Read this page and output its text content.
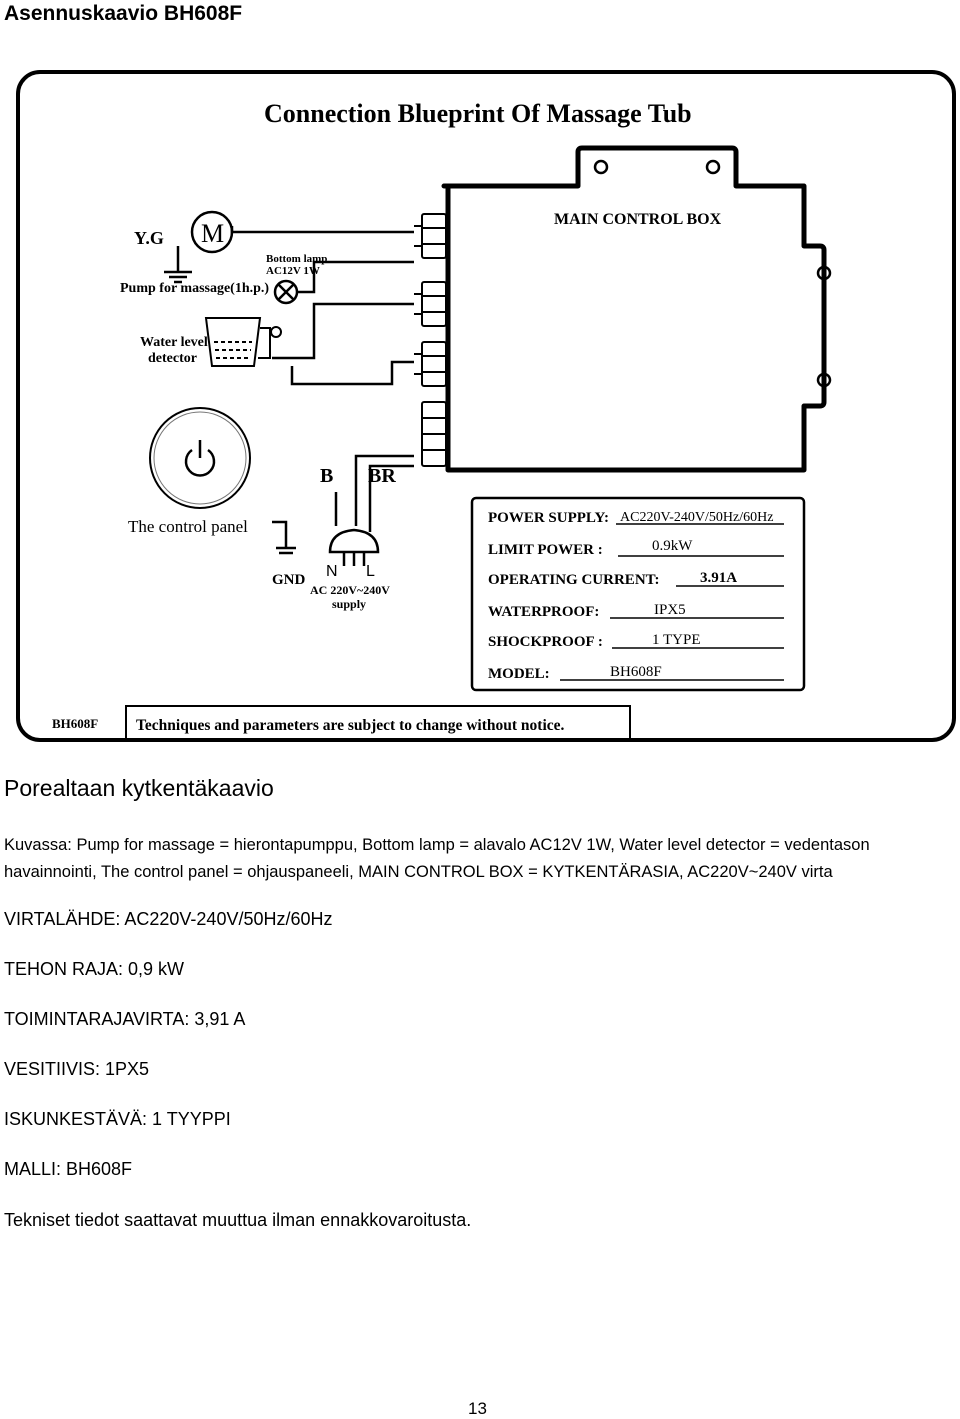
Asennuskaavio BH608F
Connection Blueprint Of Massage Tub
MAIN CONTROL BOX
M
Y.G
Pump for massage(1h.p.)
Bottom lamp
AC12V 1W
Water level
detector
The control panel
B BR
N L
GND
AC 220V~240V
supply
POWER SUPPLY: AC220V-240V/50Hz/60Hz
LIMIT POWER :	0.9kW
OPERATING CURRENT:	3.91A
WATERPROOF:	IPX5
SHOCKPROOF :	1 TYPE
MODEL:	BH608F
BH608F Techniques and parameters are subject to change without notice.
Porealtaan kytkentäkaavio

Kuvassa: Pump for massage = hierontapumppu, Bottom lamp = alavalo AC12V 1W, Water level detector = vedentason havainnointi, The control panel = ohjauspaneeli, MAIN CONTROL BOX = KYTKENTÄRASIA, AC220V~240V virta

VIRTALÄHDE: AC220V-240V/50Hz/60Hz

TEHON RAJA: 0,9 kW

TOIMINTARAJAVIRTA: 3,91 A

VESITIIVIS: 1PX5

ISKUNKESTÄVÄ: 1 TYYPPI

MALLI: BH608F

Tekniset tiedot saattavat muuttua ilman ennakkovaroitusta.

13
